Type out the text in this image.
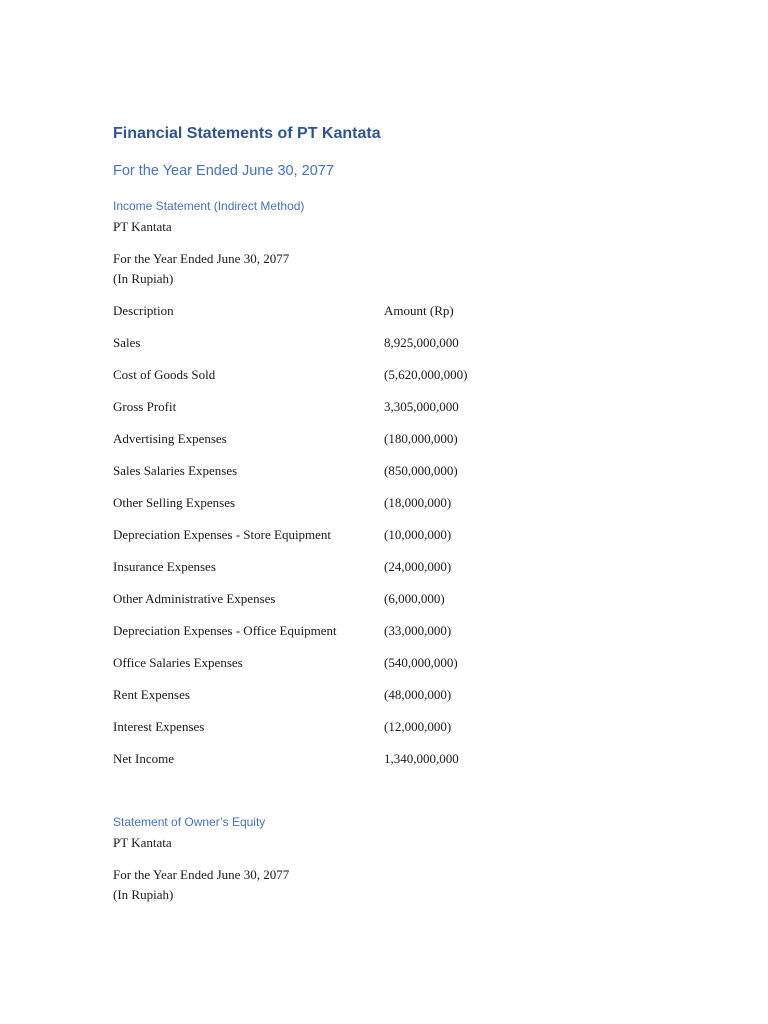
Financial Statements of PT Kantata
For the Year Ended June 30, 2077
Income Statement (Indirect Method)
PT Kantata
For the Year Ended June 30, 2077
(In Rupiah)
Description	Amount (Rp)
Sales	8,925,000,000
Cost of Goods Sold	(5,620,000,000)
Gross Profit	3,305,000,000
Advertising Expenses	(180,000,000)
Sales Salaries Expenses	(850,000,000)
Other Selling Expenses	(18,000,000)
Depreciation Expenses - Store Equipment	(10,000,000)
Insurance Expenses	(24,000,000)
Other Administrative Expenses	(6,000,000)
Depreciation Expenses - Office Equipment	(33,000,000)
Office Salaries Expenses	(540,000,000)
Rent Expenses	(48,000,000)
Interest Expenses	(12,000,000)
Net Income	1,340,000,000
Statement of Owner’s Equity
PT Kantata
For the Year Ended June 30, 2077
(In Rupiah)
